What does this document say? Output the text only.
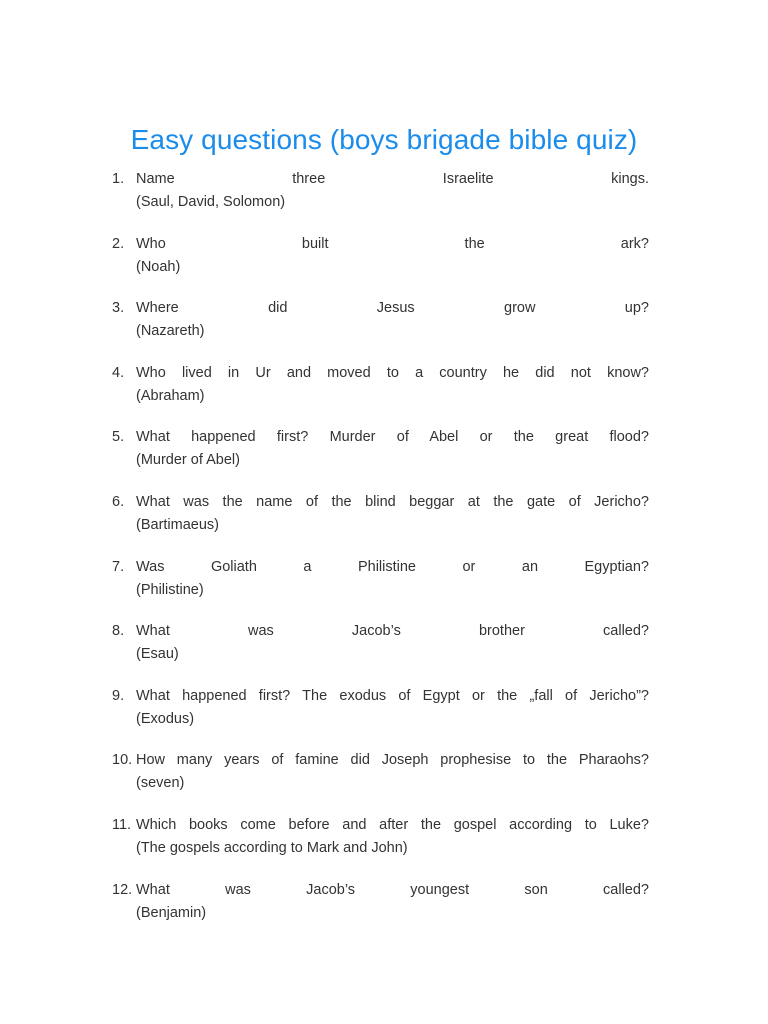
Easy questions (boys brigade bible quiz)
1. Name three Israelite kings.
(Saul, David, Solomon)
2. Who built the ark?
(Noah)
3. Where did Jesus grow up?
(Nazareth)
4. Who lived in Ur and moved to a country he did not know?
(Abraham)
5. What happened first? Murder of Abel or the great flood?
(Murder of Abel)
6. What was the name of the blind beggar at the gate of Jericho?
(Bartimaeus)
7. Was Goliath a Philistine or an Egyptian?
(Philistine)
8. What was Jacob’s brother called?
(Esau)
9. What happened first? The exodus of Egypt or the „fall of Jericho”?
(Exodus)
10. How many years of famine did Joseph prophesise to the Pharaohs?
(seven)
11. Which books come before and after the gospel according to Luke?
(The gospels according to Mark and John)
12. What was Jacob’s youngest son called?
(Benjamin)
